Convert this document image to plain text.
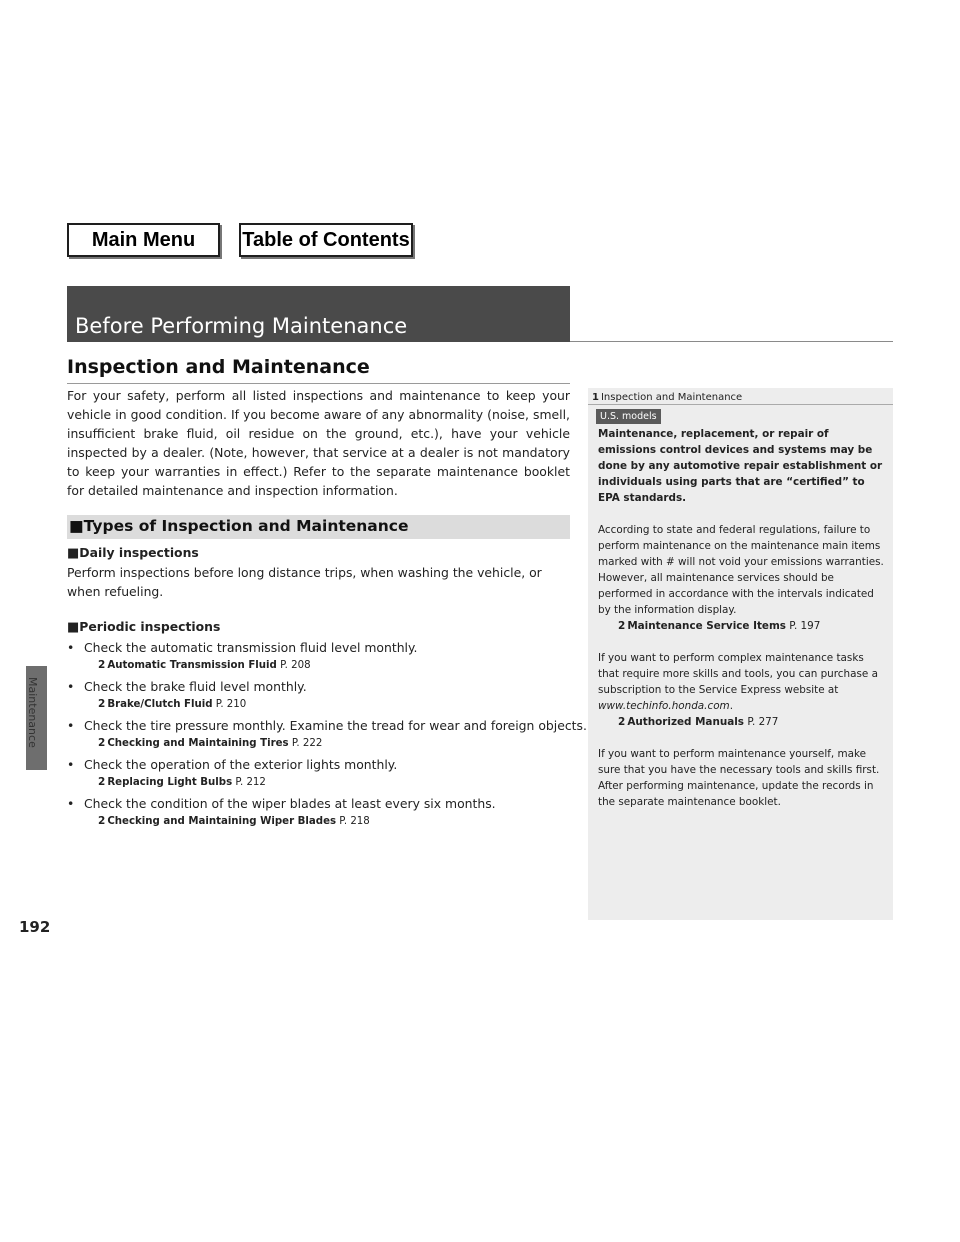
Main Menu	Table of Contents
Before Performing Maintenance
Maintenance
192
Inspection and Maintenance

For your safety, perform all listed inspections and maintenance to keep your vehicle in good condition. If you become aware of any abnormality (noise, smell, insufficient brake fluid, oil residue on the ground, etc.), have your vehicle inspected by a dealer. (Note, however, that service at a dealer is not mandatory to keep your warranties in effect.) Refer to the separate maintenance booklet for detailed maintenance and inspection information.

■Types of Inspection and Maintenance
■Daily inspections

Perform inspections before long distance trips, when washing the vehicle, or when refueling.

■Periodic inspections
• Check the automatic transmission fluid level monthly.
2 Automatic Transmission Fluid P. 208
• Check the brake fluid level monthly.
2 Brake/Clutch Fluid P. 210
• Check the tire pressure monthly. Examine the tread for wear and foreign objects.
2 Checking and Maintaining Tires P. 222
• Check the operation of the exterior lights monthly.
2 Replacing Light Bulbs P. 212
• Check the condition of the wiper blades at least every six months.
2 Checking and Maintaining Wiper Blades P. 218
1 Inspection and Maintenance
U.S. models

Maintenance, replacement, or repair of emissions control devices and systems may be done by any automotive repair establishment or individuals using parts that are “certified” to EPA standards.

According to state and federal regulations, failure to perform maintenance on the maintenance main items marked with # will not void your emissions warranties. However, all maintenance services should be performed in accordance with the intervals indicated by the information display.

2 Maintenance Service Items P. 197

If you want to perform complex maintenance tasks that require more skills and tools, you can purchase a subscription to the Service Express website at
www.techinfo.honda.com.

2 Authorized Manuals P. 277

If you want to perform maintenance yourself, make sure that you have the necessary tools and skills first. After performing maintenance, update the records in the separate maintenance booklet.
